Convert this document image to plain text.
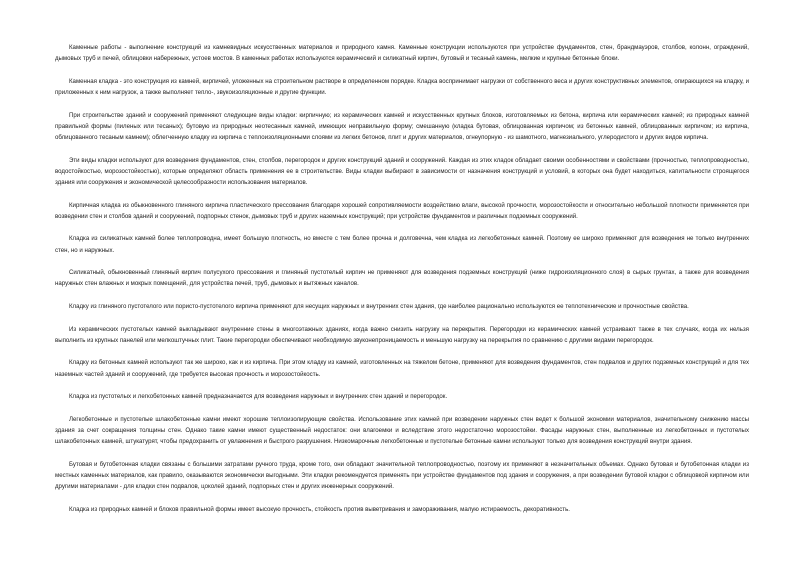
Каменные работы - выполнение конструкций из камневидных искусственных материалов и природного камня. Каменные конструкции используются при устройстве фундаментов, стен, брандмауэров, столбов, колонн, ограждений, дымовых труб и печей, облицовки набережных, устоев мостов. В каменных работах используются керамический и силикатный кирпич, бутовый и тесаный камень, мелкие и крупные бетонные блоки.

Каменная кладка - это конструкция из камней, кирпичей, уложенных на строительном растворе в определенном порядке. Кладка воспринимает нагрузки от собственного веса и других конструктивных элементов, опирающихся на кладку, и приложенных к ним нагрузок, а также выполняет тепло-, звукоизоляционные и другие функции.

При строительстве зданий и сооружений применяют следующие виды кладки: кирпичную; из керамических камней и искусственных крупных блоков, изготовляемых из бетона, кирпича или керамических камней; из природных камней правильной формы (пиленых или тесаных); бутовую из природных неотесанных камней, имеющих неправильную форму; смешанную (кладка бутовая, облицованная кирпичом; из бетонных камней, облицованных кирпичом; из кирпича, облицованного тесаным камнем); облегченную кладку из кирпича с теплоизоляционными слоями из легких бетонов, плит и других материалов, огнеупорную - из шамотного, магнезиального, углеродистого и других видов кирпича.

Эти виды кладки используют для возведения фундаментов, стен, столбов, перегородок и других конструкций зданий и сооружений. Каждая из этих кладок обладает своими особенностями и свойствами (прочностью, теплопроводностью, водостойкостью, морозостойкостью), которые определяют область применения ее в строительстве. Виды кладки выбирают в зависимости от назначения конструкций и условий, в которых она будет находиться, капитальности строящегося здания или сооружения и экономической целесообразности использования материалов.

Кирпичная кладка из обыкновенного глиняного кирпича пластического прессования благодаря хорошей сопротивляемости воздействию влаги, высокой прочности, морозостойкости и относительно небольшой плотности применяется при возведении стен и столбов зданий и сооружений, подпорных стенок, дымовых труб и других наземных конструкций; при устройстве фундаментов и различных подземных сооружений.

Кладка из силикатных камней более теплопроводна, имеет большую плотность, но вместе с тем более прочна и долговечна, чем кладка из легкобетонных камней. Поэтому ее широко применяют для возведения не только внутренних стен, но и наружных.

Силикатный, обыкновенный глиняный кирпич полусухого прессования и глиняный пустотелый кирпич не применяют для возведения подземных конструкций (ниже гидроизоляционного слоя) в сырых грунтах, а также для возведения наружных стен влажных и мокрых помещений, для устройства печей, труб, дымовых и вытяжных каналов.

Кладку из глиняного пустотелого или пористо-пустотелого кирпича применяют для несущих наружных и внутренних стен здания, где наиболее рационально используются ее теплотехнические и прочностные свойства.

Из керамических пустотелых камней выкладывают внутренние стены в многоэтажных зданиях, когда важно снизить нагрузку на перекрытия. Перегородки из керамических камней устраивают также в тех случаях, когда их нельзя выполнить из крупных панелей или мелкоштучных плит. Такие перегородки обеспечивают необходимую звуконепроницаемость и меньшую нагрузку на перекрытия по сравнению с другими видами перегородок.

Кладку из бетонных камней используют так же широко, как и из кирпича. При этом кладку из камней, изготовленных на тяжелом бетоне, применяют для возведения фундаментов, стен подвалов и других подземных конструкций и для тех наземных частей зданий и сооружений, где требуется высокая прочность и морозостойкость.

Кладка из пустотелых и легкобетонных камней предназначается для возведения наружных и внутренних стен зданий и перегородок.

Легкобетонные и пустотелые шлакобетонные камни имеют хорошие теплоизолирующие свойства. Использование этих камней при возведении наружных стен ведет к большой экономии материалов, значительному снижению массы здания за счет сокращения толщины стен. Однако такие камни имеют существенный недостаток: они влагоемки и вследствие этого недостаточно морозостойки. Фасады наружных стен, выполненные из легкобетонных и пустотелых шлакобетонных камней, штукатурят, чтобы предохранить от увлажнения и быстрого разрушения. Низкомарочные легкобетонные и пустотелые бетонные камни используют только для возведения конструкций внутри здания.

Бутовая и бутобетонная кладки связаны с большими затратами ручного труда, кроме того, они обладают значительной теплопроводностью, поэтому их применяют в незначительных объемах. Однако бутовая и бутобетонная кладки из местных каменных материалов, как правило, оказываются экономически выгодными. Эти кладки рекомендуется применять при устройстве фундаментов под здания и сооружения, а при возведении бутовой кладки с облицовкой кирпичом или другими материалами - для кладки стен подвалов, цоколей зданий, подпорных стен и других инженерных сооружений.

Кладка из природных камней и блоков правильной формы имеет высокую прочность, стойкость против выветривания и замораживания, малую истираемость, декоративность.
